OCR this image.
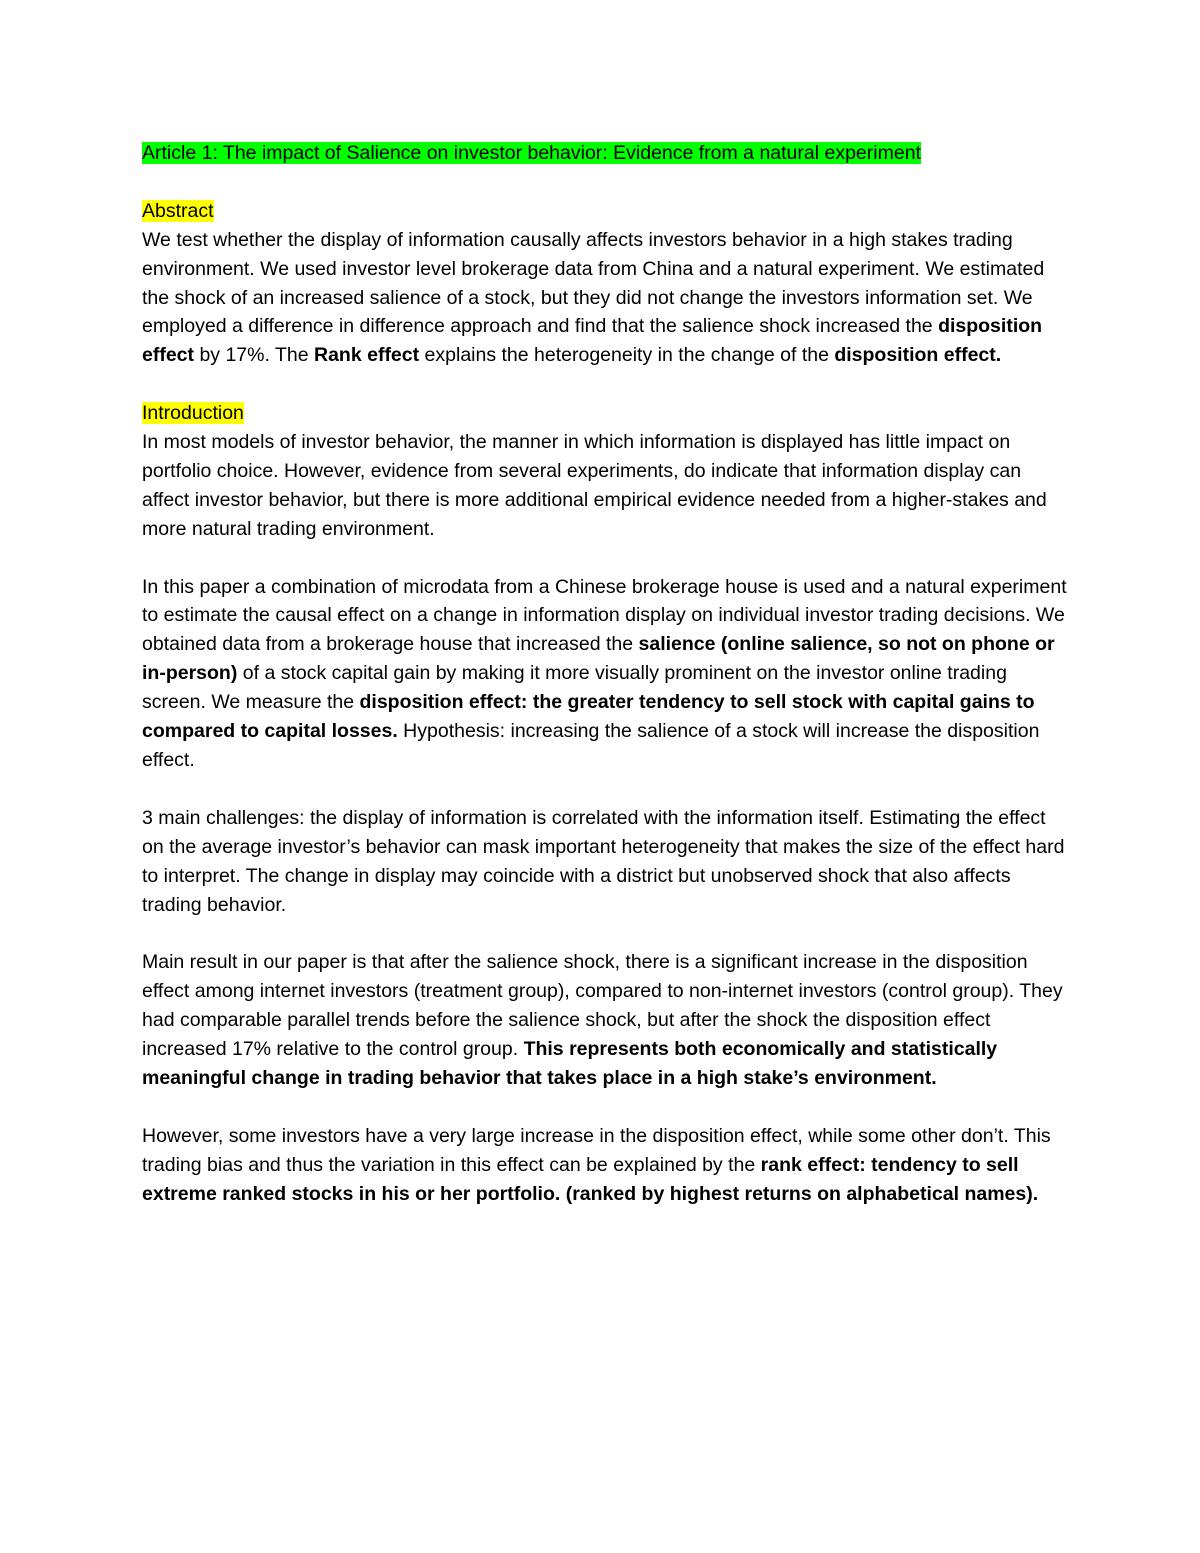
Article 1: The impact of Salience on investor behavior: Evidence from a natural experiment

Abstract

We test whether the display of information causally affects investors behavior in a high stakes trading environment. We used investor level brokerage data from China and a natural experiment. We estimated the shock of an increased salience of a stock, but they did not change the investors information set. We employed a difference in difference approach and find that the salience shock increased the disposition effect by 17%. The Rank effect explains the heterogeneity in the change of the disposition effect.

Introduction

In most models of investor behavior, the manner in which information is displayed has little impact on portfolio choice. However, evidence from several experiments, do indicate that information display can affect investor behavior, but there is more additional empirical evidence needed from a higher-stakes and more natural trading environment.

In this paper a combination of microdata from a Chinese brokerage house is used and a natural experiment to estimate the causal effect on a change in information display on individual investor trading decisions. We obtained data from a brokerage house that increased the salience (online salience, so not on phone or in-person) of a stock capital gain by making it more visually prominent on the investor online trading screen. We measure the disposition effect: the greater tendency to sell stock with capital gains to compared to capital losses. Hypothesis: increasing the salience of a stock will increase the disposition effect.

3 main challenges: the display of information is correlated with the information itself. Estimating the effect on the average investor’s behavior can mask important heterogeneity that makes the size of the effect hard to interpret. The change in display may coincide with a district but unobserved shock that also affects trading behavior.

Main result in our paper is that after the salience shock, there is a significant increase in the disposition effect among internet investors (treatment group), compared to non-internet investors (control group). They had comparable parallel trends before the salience shock, but after the shock the disposition effect increased 17% relative to the control group. This represents both economically and statistically meaningful change in trading behavior that takes place in a high stake’s environment.

However, some investors have a very large increase in the disposition effect, while some other don’t. This trading bias and thus the variation in this effect can be explained by the rank effect: tendency to sell extreme ranked stocks in his or her portfolio. (ranked by highest returns on alphabetical names).
